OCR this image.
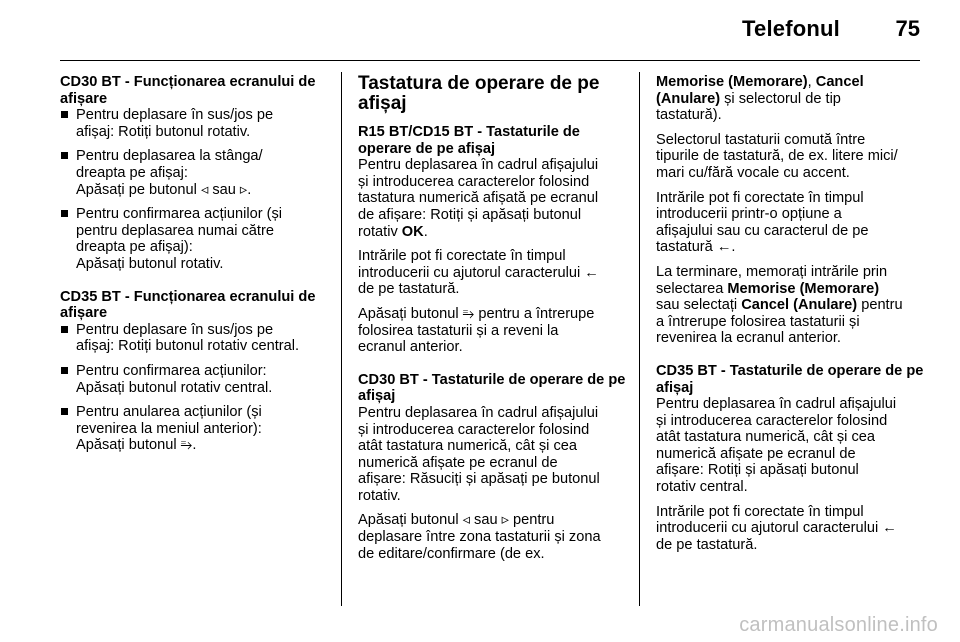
Telefonul	75
CD30 BT - Funcționarea ecranului de afișare
Pentru deplasare în sus/jos pe
afișaj: Rotiți butonul rotativ.
Pentru deplasarea la stânga/
dreapta pe afișaj:
Apăsați pe butonul ◃ sau ▹.
Pentru confirmarea acțiunilor (și
pentru deplasarea numai către
dreapta pe afișaj):
Apăsați butonul rotativ.
CD35 BT - Funcționarea ecranului de afișare
Pentru deplasare în sus/jos pe
afișaj: Rotiți butonul rotativ central.
Pentru confirmarea acțiunilor:
Apăsați butonul rotativ central.
Pentru anularea acțiunilor (și
revenirea la meniul anterior):
Apăsați butonul ⥱.
Tastatura de operare de pe afișaj
R15 BT/CD15 BT - Tastaturile de operare de pe afișaj

Pentru deplasarea în cadrul afișajului
și introducerea caracterelor folosind
tastatura numerică afișată pe ecranul
de afișare: Rotiți și apăsați butonul
rotativ OK.

Intrările pot fi corectate în timpul
introducerii cu ajutorul caracterului ←
de pe tastatură.

Apăsați butonul ⥱ pentru a întrerupe
folosirea tastaturii și a reveni la
ecranul anterior.

CD30 BT - Tastaturile de operare de pe afișaj

Pentru deplasarea în cadrul afișajului
și introducerea caracterelor folosind
atât tastatura numerică, cât și cea
numerică afișate pe ecranul de
afișare: Răsuciți și apăsați pe butonul
rotativ.

Apăsați butonul ◃ sau ▹ pentru
deplasare între zona tastaturii și zona
de editare/confirmare (de ex.

Memorise (Memorare), Cancel
(Anulare) și selectorul de tip
tastatură).

Selectorul tastaturii comută între
tipurile de tastatură, de ex. litere mici/
mari cu/fără vocale cu accent.

Intrările pot fi corectate în timpul
introducerii printr-o opțiune a
afișajului sau cu caracterul de pe
tastatură ←.

La terminare, memorați intrările prin
selectarea Memorise (Memorare)
sau selectați Cancel (Anulare) pentru
a întrerupe folosirea tastaturii și
revenirea la ecranul anterior.

CD35 BT - Tastaturile de operare de pe afișaj

Pentru deplasarea în cadrul afișajului
și introducerea caracterelor folosind
atât tastatura numerică, cât și cea
numerică afișate pe ecranul de
afișare: Rotiți și apăsați butonul
rotativ central.

Intrările pot fi corectate în timpul
introducerii cu ajutorul caracterului ←
de pe tastatură.

carmanualsonline.info
